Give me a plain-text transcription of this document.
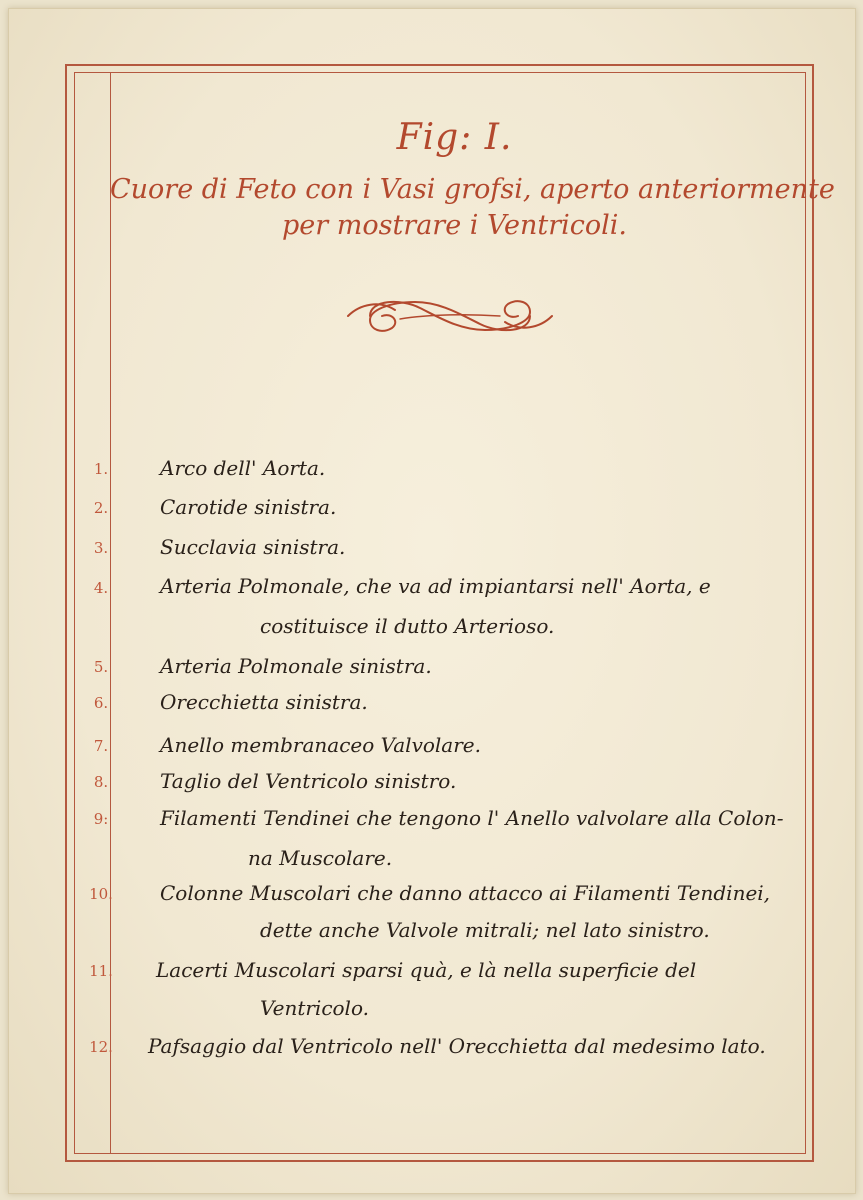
Fig: I.
Cuore di Feto con i Vasi grofsi, aperto anteriormente
per mostrare i Ventricoli.
1.	Arco dell' Aorta.
2.	Carotide sinistra.
3.	Succlavia sinistra.
4.	Arteria Polmonale, che va ad impiantarsi nell' Aorta, e
costituisce il dutto Arterioso.
5.	Arteria Polmonale sinistra.
6.	Orecchietta sinistra.
7.	Anello membranaceo Valvolare.
8.	Taglio del Ventricolo sinistro.
9:	Filamenti Tendinei che tengono l' Anello valvolare alla Colon-
na Muscolare.
10.	Colonne Muscolari che danno attacco ai Filamenti Tendinei,
dette anche Valvole mitrali; nel lato sinistro.
11.	Lacerti Muscolari sparsi quà, e là nella superficie del
Ventricolo.
12.	Pafsaggio dal Ventricolo nell' Orecchietta dal medesimo lato.
